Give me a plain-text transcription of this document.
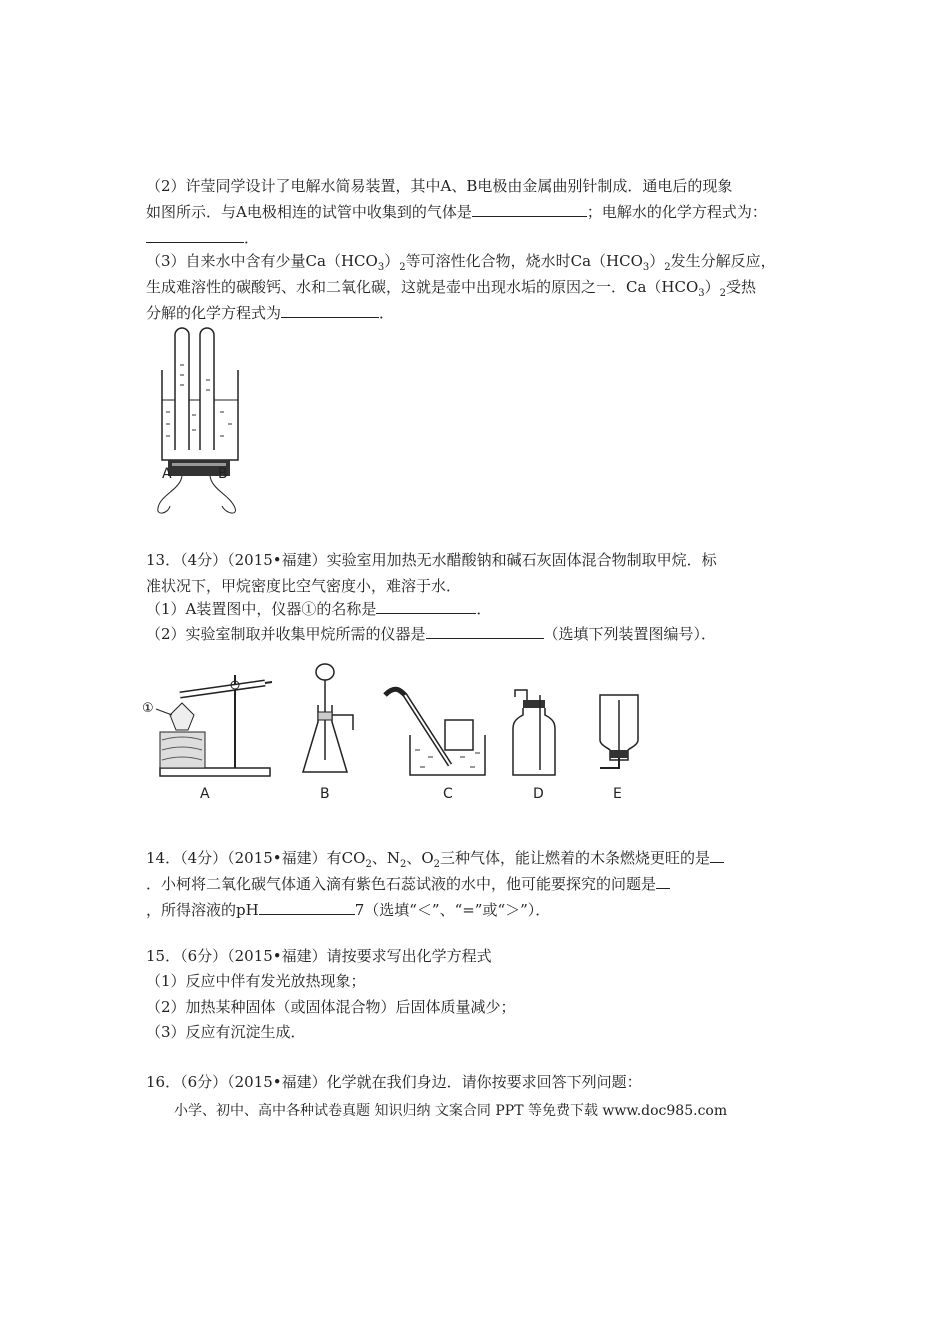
（2）许莹同学设计了电解水简易装置，其中A、B电极由金属曲别针制成．通电后的现象
如图所示．与A电极相连的试管中收集到的气体是	；电解水的化学方程式为：
．
（3）自来水中含有少量$Ca(HCO_3)_2$等可溶性化合物，烧水时$Ca(HCO_3)_2$发生分解反应，
生成难溶性的碳酸钙、水和二氧化碳，这就是壶中出现水垢的原因之一．$Ca(HCO_3)_2$受热
分解的化学方程式为	．
A	B
13．（4分）（2015•福建）实验室用加热无水醋酸钠和碱石灰固体混合物制取甲烷．标
准状况下，甲烷密度比空气密度小，难溶于水．
（1）A装置图中，仪器①的名称是	．
（2）实验室制取并收集甲烷所需的仪器是	（选填下列装置图编号）．
①
A	B	C	D	E
14．（4分）（2015•福建）有$CO_2$、$N_2$、$O_2$三种气体，能让燃着的木条燃烧更旺的是
．小柯将二氧化碳气体通入滴有紫色石蕊试液的水中，他可能要探究的问题是
，所得溶液的pH	7（选填“＜”、“=”或“＞”）．
15．（6分）（2015•福建）请按要求写出化学方程式
（1）反应中伴有发光放热现象；
（2）加热某种固体（或固体混合物）后固体质量减少；
（3）反应有沉淀生成．
16．（6分）（2015•福建）化学就在我们身边．请你按要求回答下列问题：
小学、初中、高中各种试卷真题 知识归纳 文案合同 PPT 等免费下载 www.doc985.com
